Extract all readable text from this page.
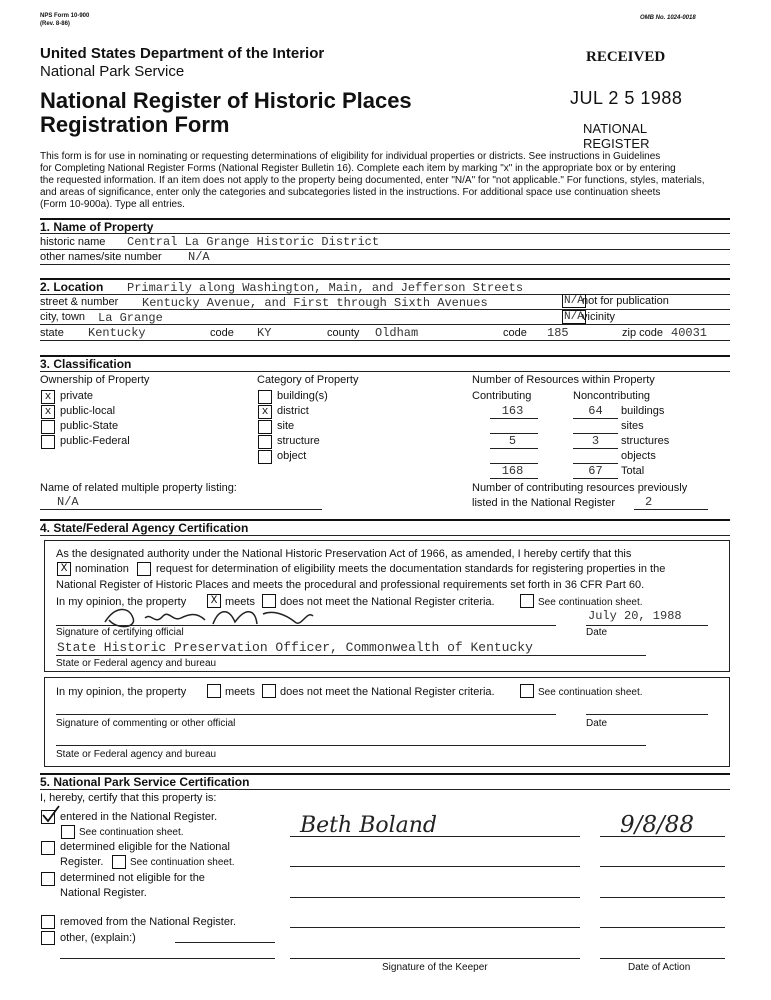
NPS Form 10-900
(Rev. 8-86)
OMB No. 1024-0018
United States Department of the Interior
National Park Service
National Register of Historic Places
Registration Form
RECEIVED
JUL 2 5 1988
NATIONAL
REGISTER
This form is for use in nominating or requesting determinations of eligibility for individual properties or districts. See instructions in Guidelines
for Completing National Register Forms (National Register Bulletin 16). Complete each item by marking "x" in the appropriate box or by entering
the requested information. If an item does not apply to the property being documented, enter "N/A" for "not applicable." For functions, styles, materials,
and areas of significance, enter only the categories and subcategories listed in the instructions. For additional space use continuation sheets
(Form 10-900a). Type all entries.
1. Name of Property
historic name Central La Grange Historic District
other names/site number N/A
2. Location Primarily along Washington, Main, and Jefferson Streets
street & number Kentucky Avenue, and First through Sixth Avenues	N/A
not for publication
city, town La Grange	N/A
vicinity
state Kentucky	code KY	county Oldham	code 185	zip code 40031
3. Classification
Ownership of Property
x private
x public-local
public-State
public-Federal
Category of Property
building(s)
x district
site
structure
object
Number of Resources within Property
Contributing	Noncontributing
163	64	buildings
sites
5	3	structures
objects
168	67	Total
Name of related multiple property listing:
N/A
Number of contributing resources previously
listed in the National Register 2
4. State/Federal Agency Certification
As the designated authority under the National Historic Preservation Act of 1966, as amended, I hereby certify that this
X nomination request for determination of eligibility meets the documentation standards for registering properties in the
National Register of Historic Places and meets the procedural and professional requirements set forth in 36 CFR Part 60.
In my opinion, the property	X meets does not meet the National Register criteria.	See continuation sheet.
July 20, 1988
Signature of certifying official	Date
State Historic Preservation Officer, Commonwealth of Kentucky
State or Federal agency and bureau
In my opinion, the property	meets does not meet the National Register criteria.	See continuation sheet.
Signature of commenting or other official	Date
State or Federal agency and bureau
5. National Park Service Certification
I, hereby, certify that this property is:
entered in the National Register.
See continuation sheet.
determined eligible for the National
Register.	See continuation sheet.
determined not eligible for the
National Register.
removed from the National Register.
other, (explain:)
Beth Boland	9/8/88
Signature of the Keeper	Date of Action
